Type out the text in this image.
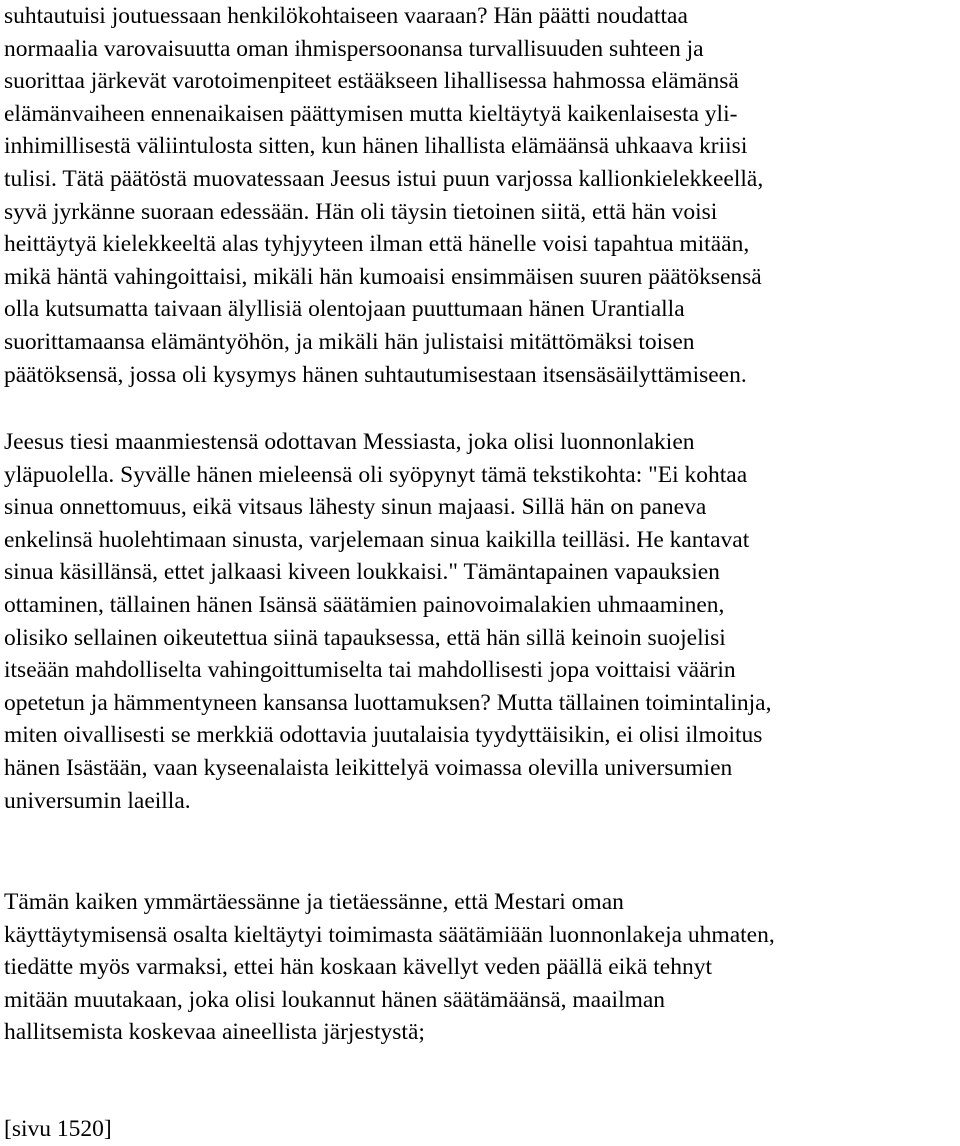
suhtautuisi joutuessaan henkilökohtaiseen vaaraan? Hän päätti noudattaa
normaalia varovaisuutta oman ihmispersoonansa turvallisuuden suhteen ja
suorittaa järkevät varotoimenpiteet estääkseen lihallisessa hahmossa elämänsä
elämänvaiheen ennenaikaisen päättymisen mutta kieltäytyä kaikenlaisesta yli-
inhimillisestä väliintulosta sitten, kun hänen lihallista elämäänsä uhkaava kriisi
tulisi. Tätä päätöstä muovatessaan Jeesus istui puun varjossa kallionkielekkeellä,
syvä jyrkänne suoraan edessään. Hän oli täysin tietoinen siitä, että hän voisi
heittäytyä kielekkeeltä alas tyhjyyteen ilman että hänelle voisi tapahtua mitään,
mikä häntä vahingoittaisi, mikäli hän kumoaisi ensimmäisen suuren päätöksensä
olla kutsumatta taivaan älyllisiä olentojaan puuttumaan hänen Urantialla
suorittamaansa elämäntyöhön, ja mikäli hän julistaisi mitättömäksi toisen
päätöksensä, jossa oli kysymys hänen suhtautumisestaan itsensäsäilyttämiseen.
Jeesus tiesi maanmiestensä odottavan Messiasta, joka olisi luonnonlakien
yläpuolella. Syvälle hänen mieleensä oli syöpynyt tämä tekstikohta: "Ei kohtaa
sinua onnettomuus, eikä vitsaus lähesty sinun majaasi. Sillä hän on paneva
enkelinsä huolehtimaan sinusta, varjelemaan sinua kaikilla teilläsi. He kantavat
sinua käsillänsä, ettet jalkaasi kiveen loukkaisi." Tämäntapainen vapauksien
ottaminen, tällainen hänen Isänsä säätämien painovoimalakien uhmaaminen,
olisiko sellainen oikeutettua siinä tapauksessa, että hän sillä keinoin suojelisi
itseään mahdolliselta vahingoittumiselta tai mahdollisesti jopa voittaisi väärin
opetetun ja hämmentyneen kansansa luottamuksen? Mutta tällainen toimintalinja,
miten oivallisesti se merkkiä odottavia juutalaisia tyydyttäisikin, ei olisi ilmoitus
hänen Isästään, vaan kyseenalaista leikittelyä voimassa olevilla universumien
universumin laeilla.
Tämän kaiken ymmärtäessänne ja tietäessänne, että Mestari oman
käyttäytymisensä osalta kieltäytyi toimimasta säätämiään luonnonlakeja uhmaten,
tiedätte myös varmaksi, ettei hän koskaan kävellyt veden päällä eikä tehnyt
mitään muutakaan, joka olisi loukannut hänen säätämäänsä, maailman
hallitsemista koskevaa aineellista järjestystä;
[sivu 1520]
